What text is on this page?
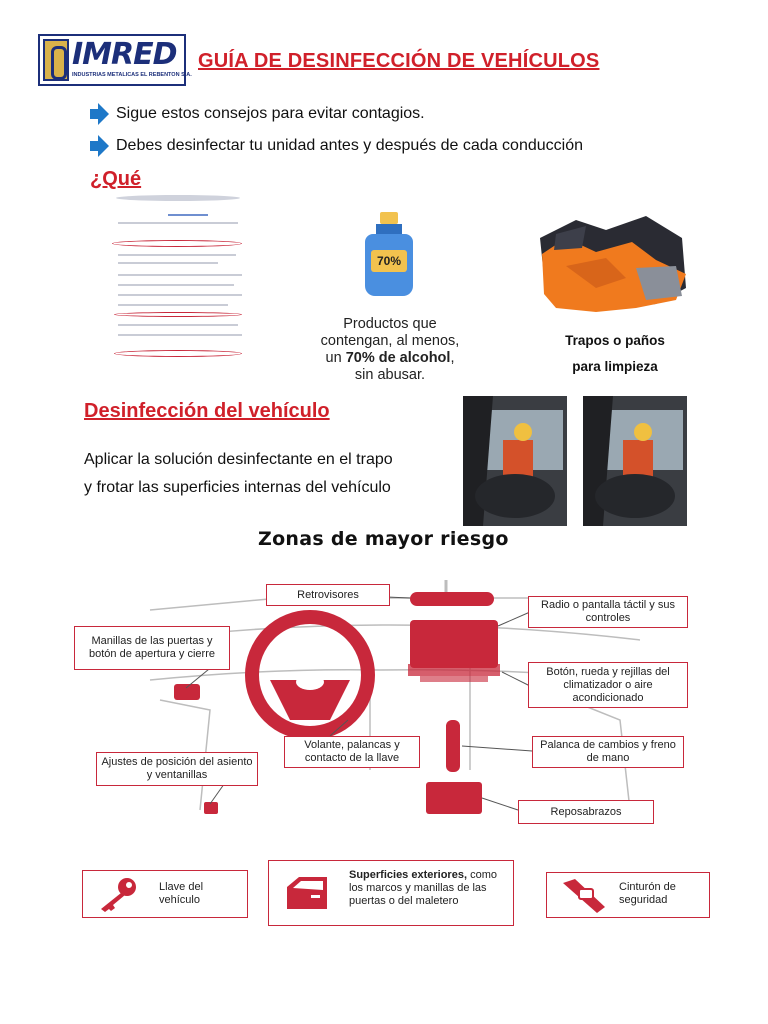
IMRED
INDUSTRIAS METALICAS EL REBENTON S.A.
GUÍA DE DESINFECCIÓN DE VEHÍCULOS
Sigue estos consejos para evitar contagios.
Debes desinfectar tu unidad antes y después de cada conducción
¿Qué
70%
Productos que
contengan, al menos,
un 70% de alcohol,
sin abusar.
Trapos o paños
para limpieza
Desinfección del vehículo
Aplicar la solución desinfectante en el trapo
y frotar las superficies internas del vehículo
Zonas de mayor riesgo
Retrovisores
Radio o pantalla táctil y sus controles
Manillas de las puertas y botón de apertura y cierre
Botón, rueda y rejillas del climatizador o aire acondicionado
Volante, palancas y contacto de la llave
Ajustes de posición del asiento y ventanillas
Palanca de cambios y freno de mano
Reposabrazos
Llave del vehículo
Superficies exteriores, como los marcos y manillas de las puertas o del maletero
Cinturón de seguridad
